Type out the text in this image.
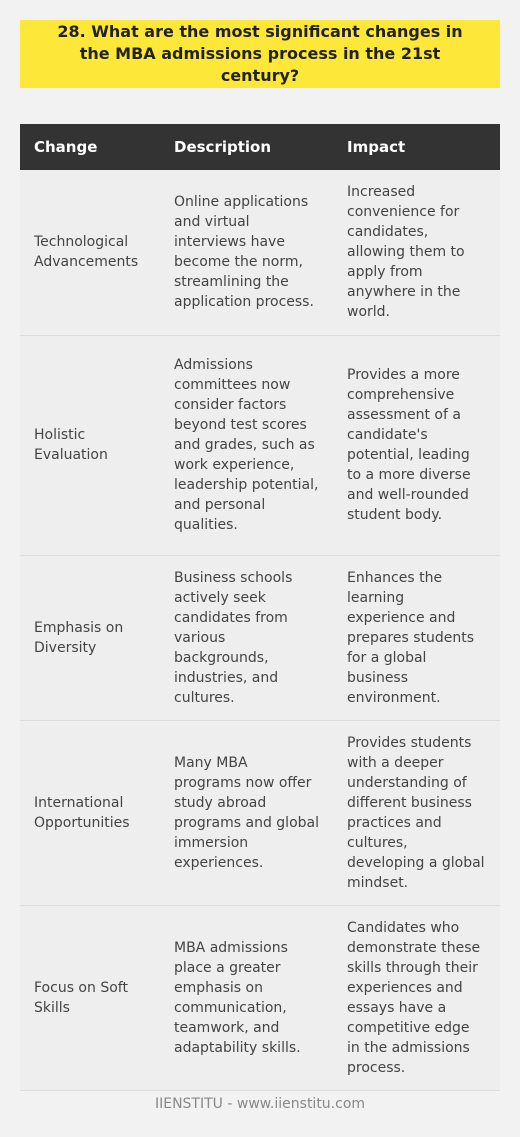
28. What are the most significant changes in the MBA admissions process in the 21st century?
Change	Description	Impact
Technological Advancements	Online applications and virtual interviews have become the norm, streamlining the application process.	Increased convenience for candidates, allowing them to apply from anywhere in the world.
Holistic Evaluation	Admissions committees now consider factors beyond test scores and grades, such as work experience, leadership potential, and personal qualities.	Provides a more comprehensive assessment of a candidate's potential, leading to a more diverse and well-rounded student body.
Emphasis on Diversity	Business schools actively seek candidates from various backgrounds, industries, and cultures.	Enhances the learning experience and prepares students for a global business environment.
International Opportunities	Many MBA programs now offer study abroad programs and global immersion experiences.	Provides students with a deeper understanding of different business practices and cultures, developing a global mindset.
Focus on Soft Skills	MBA admissions place a greater emphasis on communication, teamwork, and adaptability skills.	Candidates who demonstrate these skills through their experiences and essays have a competitive edge in the admissions process.
IIENSTITU - www.iienstitu.com
